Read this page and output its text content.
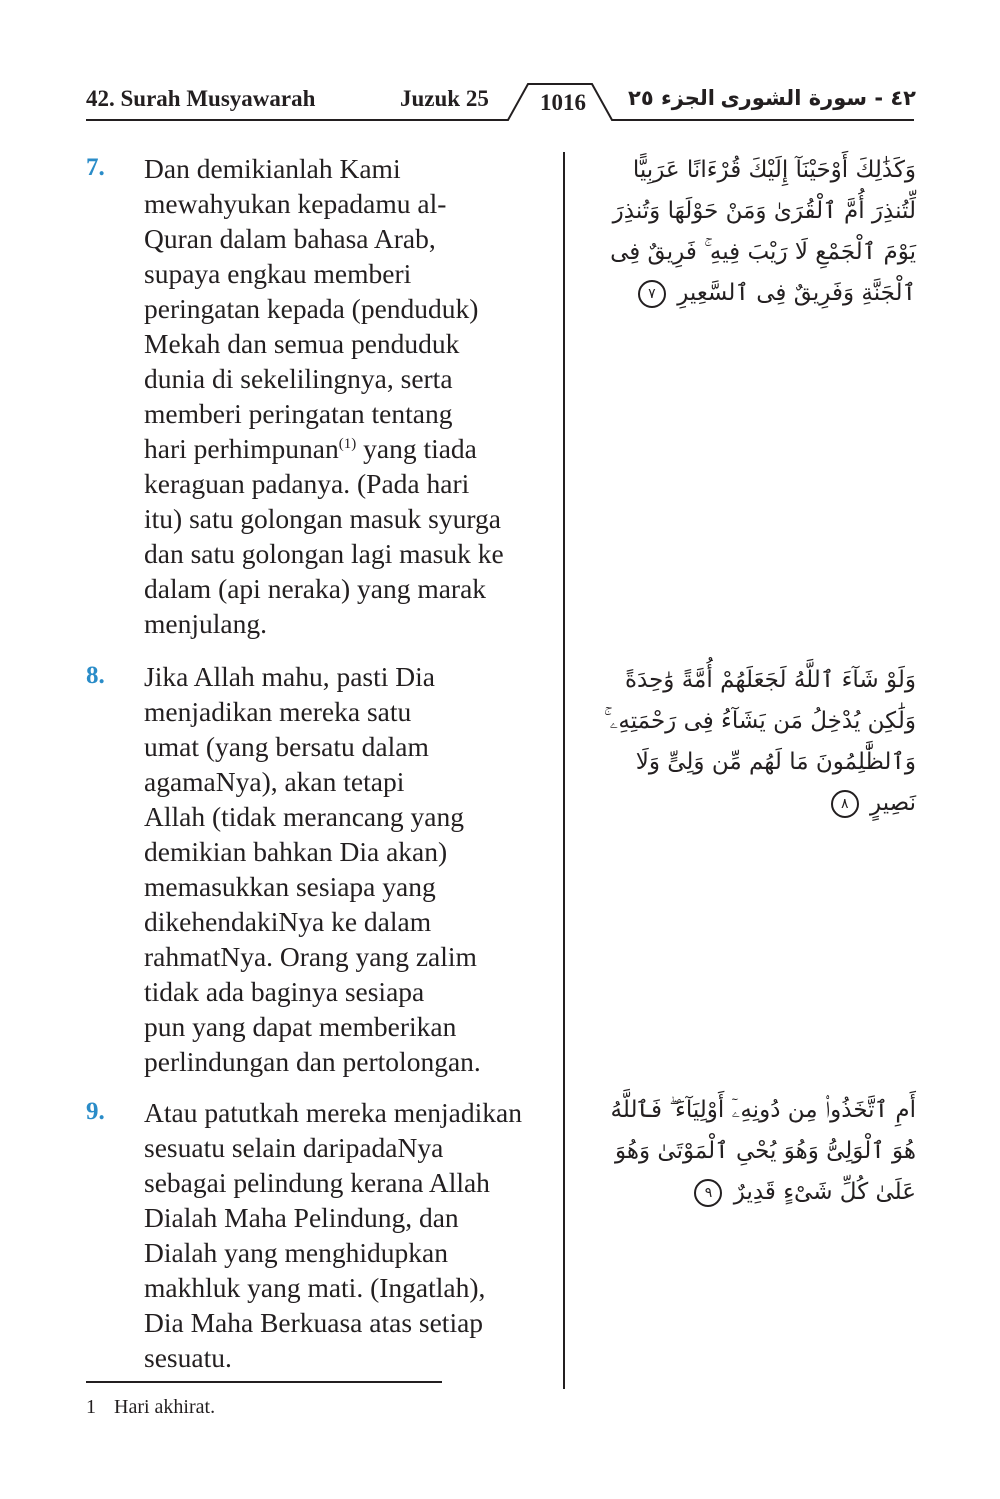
42. Surah Musyawarah	Juzuk 25 1016 الجزء ٢٥ ٤٢ - سورة الشورى
7. Dan demikianlah Kami
mewahyukan kepadamu al-
Quran dalam bahasa Arab,
supaya engkau memberi
peringatan kepada (penduduk)
Mekah dan semua penduduk
dunia di sekelilingnya, serta
memberi peringatan tentang
hari perhimpunan$^{(1)}$ yang tiada
keraguan padanya. (Pada hari
itu) satu golongan masuk syurga
dan satu golongan lagi masuk ke
dalam (api neraka) yang marak
menjulang.
وَكَذَٰلِكَ أَوْحَيْنَآ إِلَيْكَ قُرْءَانًا عَرَبِيًّا لِّتُنذِرَ أُمَّ ٱلْقُرَىٰ وَمَنْ حَوْلَهَا وَتُنذِرَ يَوْمَ ٱلْجَمْعِ لَا رَيْبَ فِيهِ ۚ فَرِيقٌ فِى ٱلْجَنَّةِ وَفَرِيقٌ فِى ٱلسَّعِيرِ ٧
8. Jika Allah mahu, pasti Dia
menjadikan mereka satu
umat (yang bersatu dalam
agamaNya), akan tetapi
Allah (tidak merancang yang
demikian bahkan Dia akan)
memasukkan sesiapa yang
dikehendakiNya ke dalam
rahmatNya. Orang yang zalim
tidak ada baginya sesiapa
pun yang dapat memberikan
perlindungan dan pertolongan.
وَلَوْ شَآءَ ٱللَّهُ لَجَعَلَهُمْ أُمَّةً وَٰحِدَةً وَلَٰكِن يُدْخِلُ مَن يَشَآءُ فِى رَحْمَتِهِۦ ۚ وَٱلظَّٰلِمُونَ مَا لَهُم مِّن وَلِىٍّ وَلَا نَصِيرٍ ٨
9. Atau patutkah mereka menjadikan
sesuatu selain daripadaNya
sebagai pelindung kerana Allah
Dialah Maha Pelindung, dan
Dialah yang menghidupkan
makhluk yang mati. (Ingatlah),
Dia Maha Berkuasa atas setiap
sesuatu.
أَمِ ٱتَّخَذُوا۟ مِن دُونِهِۦٓ أَوْلِيَآءَ ۖ فَٱللَّهُ هُوَ ٱلْوَلِىُّ وَهُوَ يُحْىِ ٱلْمَوْتَىٰ وَهُوَ عَلَىٰ كُلِّ شَىْءٍ قَدِيرٌ ٩
1 Hari akhirat.
